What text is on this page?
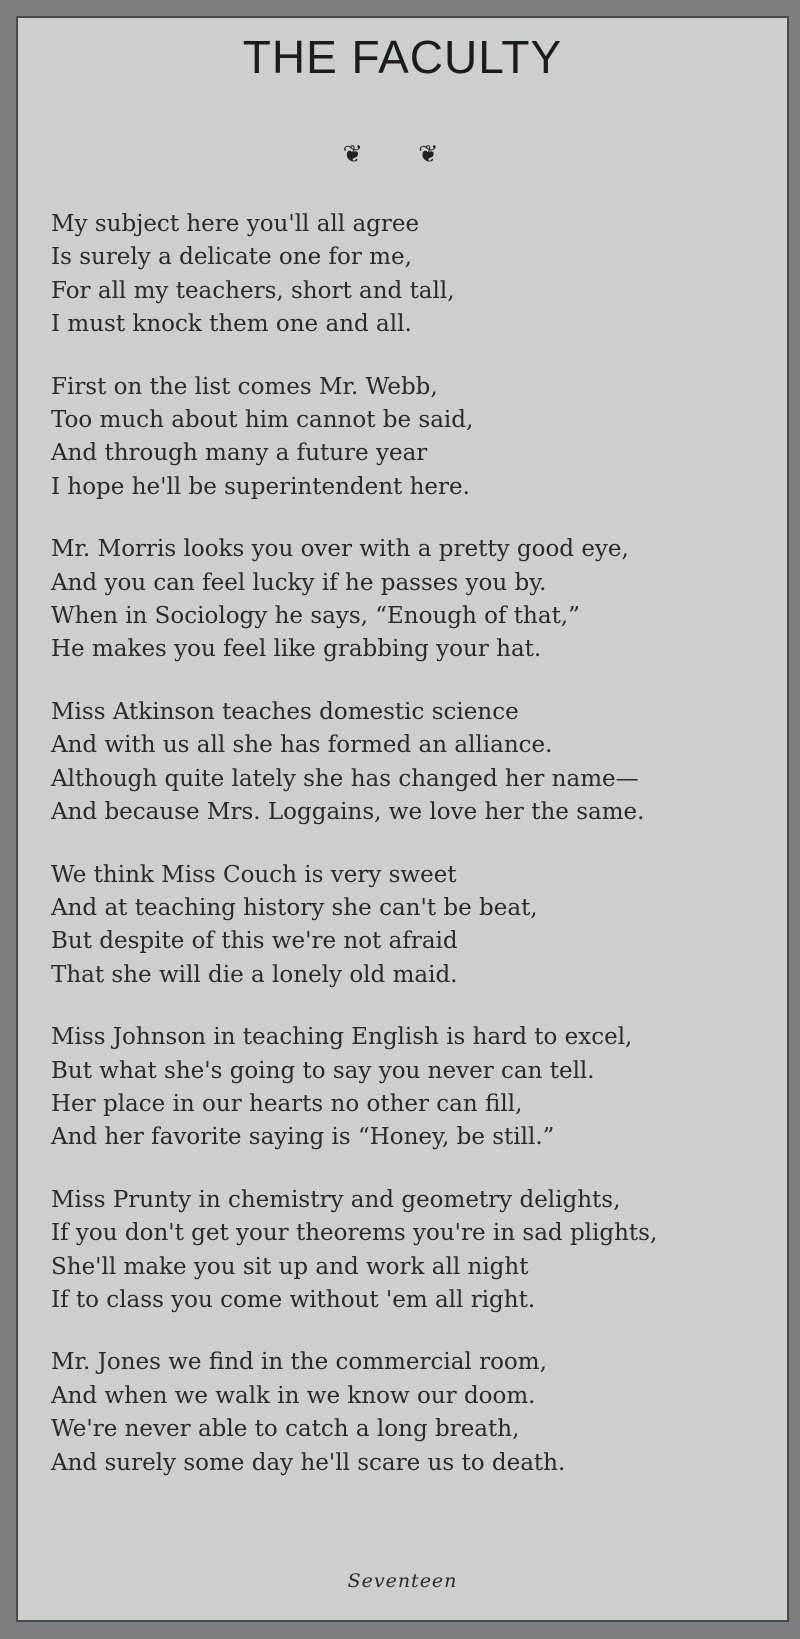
THE FACULTY
❦ ❦
My subject here you'll all agree
Is surely a delicate one for me,
For all my teachers, short and tall,
I must knock them one and all.
First on the list comes Mr. Webb,
Too much about him cannot be said,
And through many a future year
I hope he'll be superintendent here.
Mr. Morris looks you over with a pretty good eye,
And you can feel lucky if he passes you by.
When in Sociology he says, “Enough of that,”
He makes you feel like grabbing your hat.
Miss Atkinson teaches domestic science
And with us all she has formed an alliance.
Although quite lately she has changed her name—
And because Mrs. Loggains, we love her the same.
We think Miss Couch is very sweet
And at teaching history she can't be beat,
But despite of this we're not afraid
That she will die a lonely old maid.
Miss Johnson in teaching English is hard to excel,
But what she's going to say you never can tell.
Her place in our hearts no other can fill,
And her favorite saying is “Honey, be still.”
Miss Prunty in chemistry and geometry delights,
If you don't get your theorems you're in sad plights,
She'll make you sit up and work all night
If to class you come without 'em all right.
Mr. Jones we find in the commercial room,
And when we walk in we know our doom.
We're never able to catch a long breath,
And surely some day he'll scare us to death.
Seventeen
